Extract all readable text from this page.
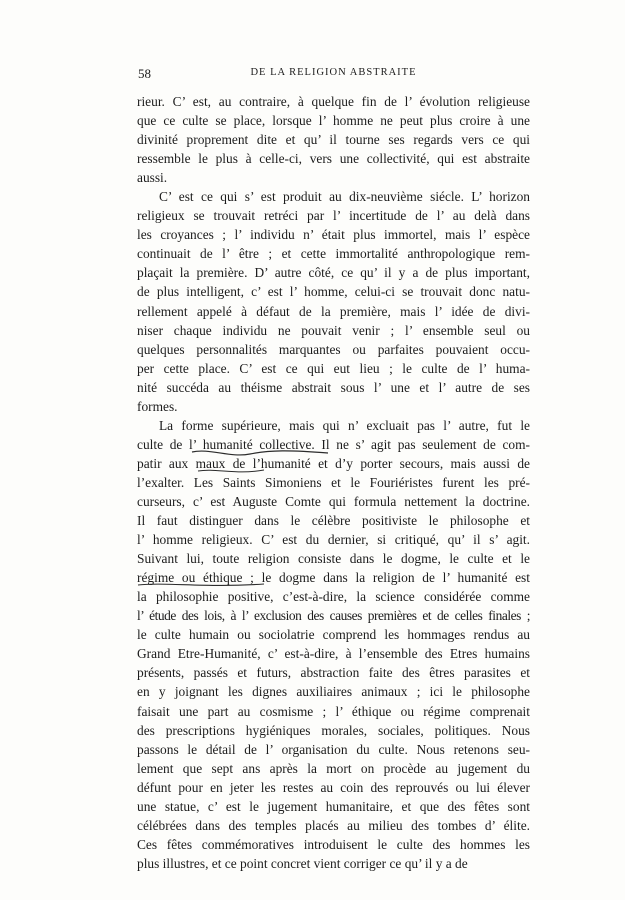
58	DE LA RELIGION ABSTRAITE
rieur. C’ est, au contraire, à quelque fin de l’ évolution religieuse
que ce culte se place, lorsque l’ homme ne peut plus croire à une
divinité proprement dite et qu’ il tourne ses regards vers ce qui
ressemble le plus à celle-ci, vers une collectivité, qui est abstraite
aussi.
C’ est ce qui s’ est produit au dix-neuvième siécle. L’ horizon
religieux se trouvait retréci par l’ incertitude de l’ au delà dans
les croyances ; l’ individu n’ était plus immortel, mais l’ espèce
continuait de l’ être ; et cette immortalité anthropologique rem-
plaçait la première. D’ autre côté, ce qu’ il y a de plus important,
de plus intelligent, c’ est l’ homme, celui-ci se trouvait donc natu-
rellement appelé à défaut de la première, mais l’ idée de divi-
niser chaque individu ne pouvait venir ; l’ ensemble seul ou
quelques personnalités marquantes ou parfaites pouvaient occu-
per cette place. C’ est ce qui eut lieu ; le culte de l’ huma-
nité succéda au théisme abstrait sous l’ une et l’ autre de ses
formes.
La forme supérieure, mais qui n’ excluait pas l’ autre, fut le
culte de l’ humanité collective. Il ne s’ agit pas seulement de com-
patir aux maux de l’humanité et d’y porter secours, mais aussi de
l’exalter. Les Saints Simoniens et le Fouriéristes furent les pré-
curseurs, c’ est Auguste Comte qui formula nettement la doctrine.
Il faut distinguer dans le célèbre positiviste le philosophe et
l’ homme religieux. C’ est du dernier, si critiqué, qu’ il s’ agit.
Suivant lui, toute religion consiste dans le dogme, le culte et le
régime ou éthique ; le dogme dans la religion de l’ humanité est
la philosophie positive, c’est-à-dire, la science considérée comme
l’ étude des lois, à l’ exclusion des causes premières et de celles finales ;
le culte humain ou sociolatrie comprend les hommages rendus au
Grand Etre-Humanité, c’ est-à-dire, à l’ensemble des Etres humains
présents, passés et futurs, abstraction faite des êtres parasites et
en y joignant les dignes auxiliaires animaux ; ici le philosophe
faisait une part au cosmisme ; l’ éthique ou régime comprenait
des prescriptions hygiéniques morales, sociales, politiques. Nous
passons le détail de l’ organisation du culte. Nous retenons seu-
lement que sept ans après la mort on procède au jugement du
défunt pour en jeter les restes au coin des reprouvés ou lui élever
une statue, c’ est le jugement humanitaire, et que des fêtes sont
célébrées dans des temples placés au milieu des tombes d’ élite.
Ces fêtes commémoratives introduisent le culte des hommes les
plus illustres, et ce point concret vient corriger ce qu’ il y a de
